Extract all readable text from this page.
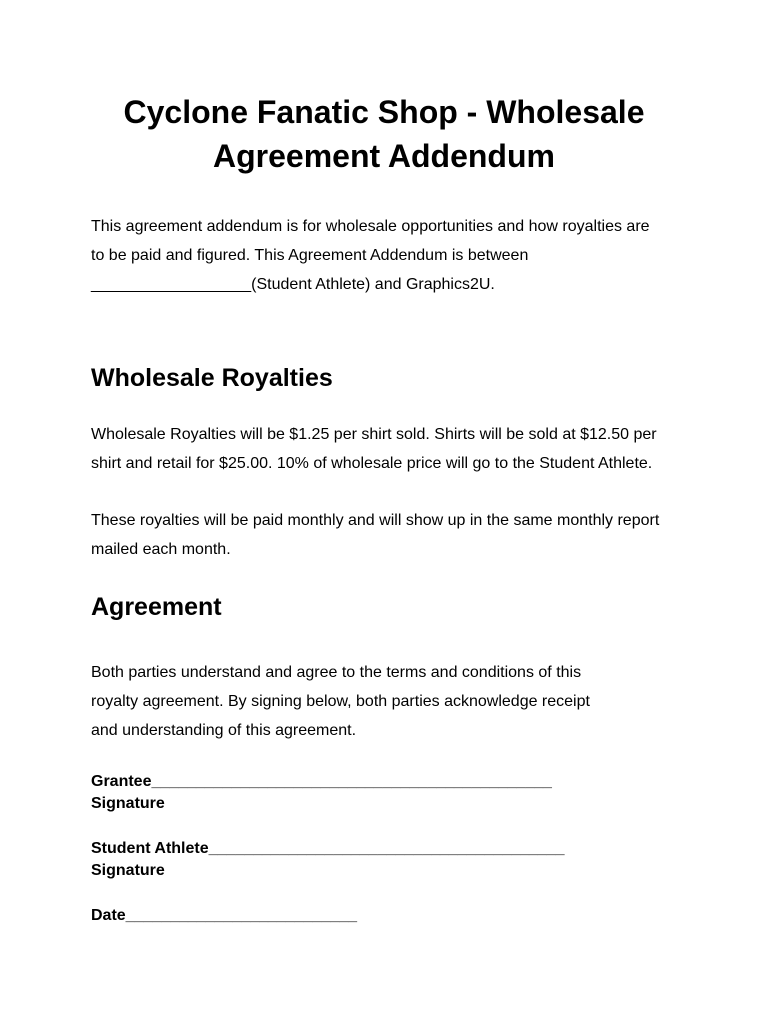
Cyclone Fanatic Shop - Wholesale
Agreement Addendum

This agreement addendum is for wholesale opportunities and how royalties are
to be paid and figured. This Agreement Addendum is between
__________________(Student Athlete) and Graphics2U.

Wholesale Royalties

Wholesale Royalties will be $1.25 per shirt sold. Shirts will be sold at $12.50 per
shirt and retail for $25.00. 10% of wholesale price will go to the Student Athlete.

These royalties will be paid monthly and will show up in the same monthly report
mailed each month.

Agreement

Both parties understand and agree to the terms and conditions of this
royalty agreement. By signing below, both parties acknowledge receipt
and understanding of this agreement.

Grantee_____________________________________________
Signature
Student Athlete________________________________________
Signature
Date__________________________
